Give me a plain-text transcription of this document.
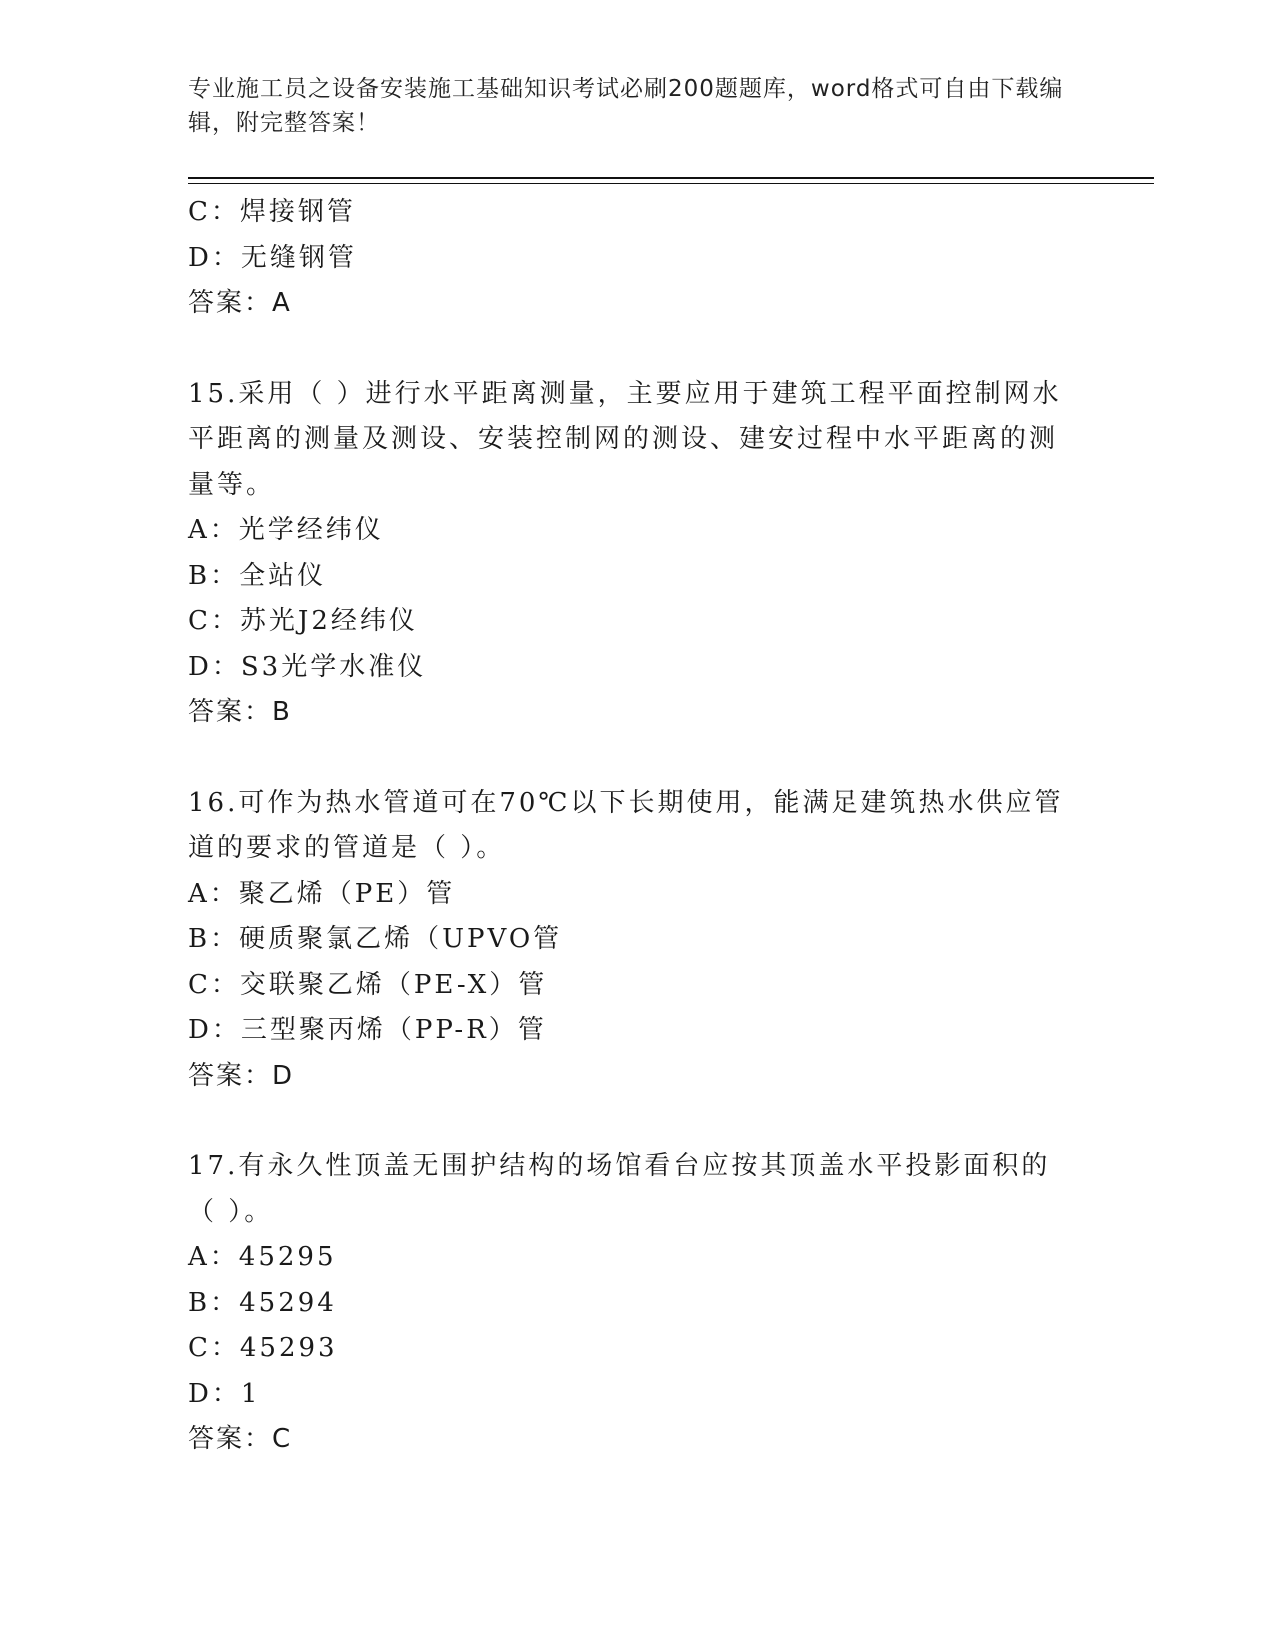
专业施工员之设备安装施工基础知识考试必刷200题题库，word格式可自由下载编辑，附完整答案！

C：焊接钢管

D：无缝钢管

答案：A

15.采用（ ）进行水平距离测量，主要应用于建筑工程平面控制网水平距离的测量及测设、安装控制网的测设、建安过程中水平距离的测量等。

A：光学经纬仪

B：全站仪

C：苏光J2经纬仪

D：S3光学水准仪

答案：B

16.可作为热水管道可在70℃以下长期使用，能满足建筑热水供应管道的要求的管道是（ ）。

A：聚乙烯（PE）管

B：硬质聚氯乙烯（UPVO管

C：交联聚乙烯（PE-X）管

D：三型聚丙烯（PP-R）管

答案：D

17.有永久性顶盖无围护结构的场馆看台应按其顶盖水平投影面积的（ ）。

A：45295

B：45294

C：45293

D：1

答案：C
